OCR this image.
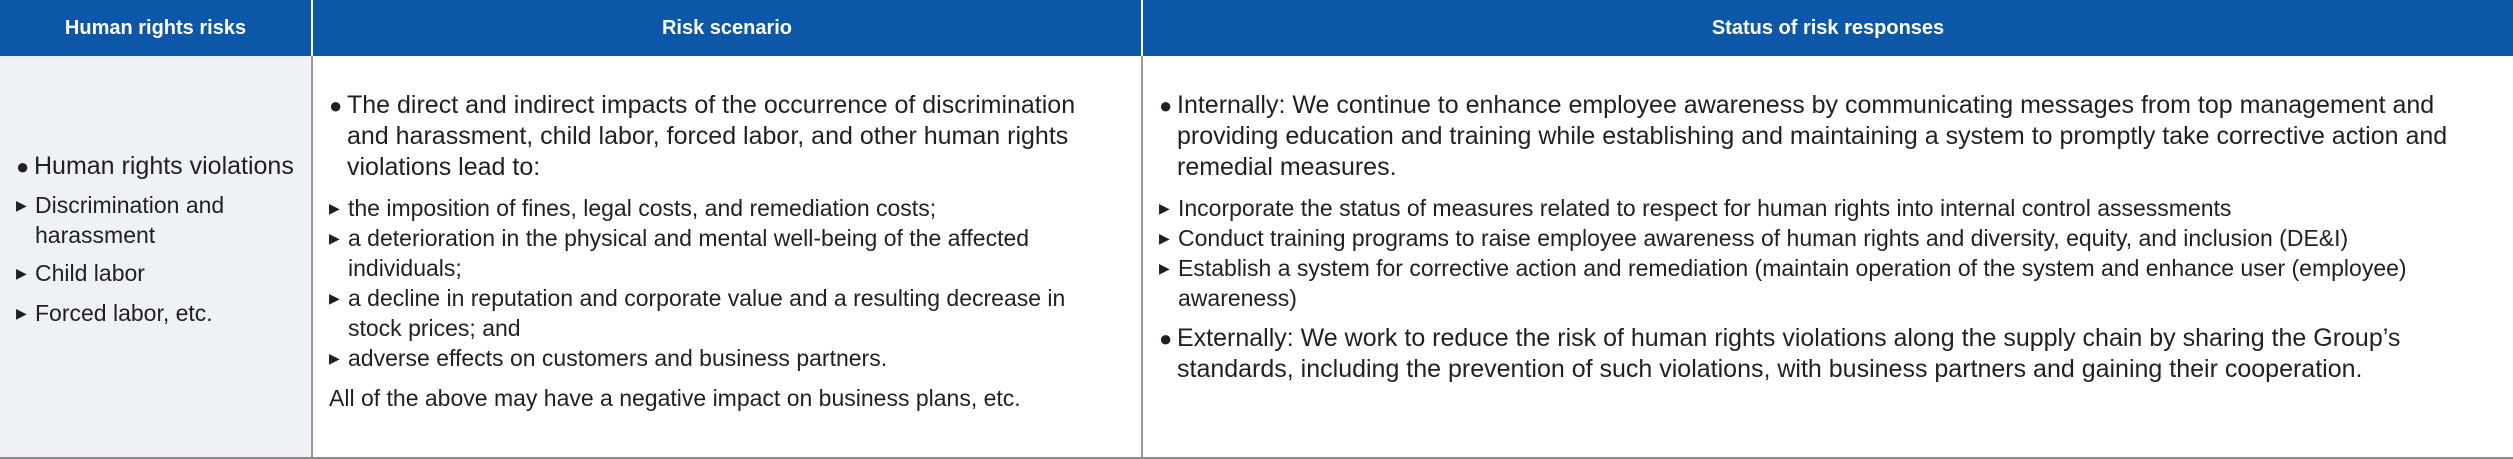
Human rights risks	Risk scenario	Status of risk responses

● Human rights violations

▶ Discrimination and harassment

▶ Child labor

▶ Forced labor, etc.

● The direct and indirect impacts of the occurrence of discrimination and harassment, child labor, forced labor, and other human rights violations lead to:

▶ the imposition of fines, legal costs, and remediation costs;

▶ a deterioration in the physical and mental well-being of the affected individuals;

▶ a decline in reputation and corporate value and a resulting decrease in stock prices; and

▶ adverse effects on customers and business partners.

All of the above may have a negative impact on business plans, etc.

● Internally: We continue to enhance employee awareness by communicating messages from top management and providing education and training while establishing and maintaining a system to promptly take corrective action and remedial measures.

▶ Incorporate the status of measures related to respect for human rights into internal control assessments

▶ Conduct training programs to raise employee awareness of human rights and diversity, equity, and inclusion (DE&I)

▶ Establish a system for corrective action and remediation (maintain operation of the system and enhance user (employee) awareness)

● Externally: We work to reduce the risk of human rights violations along the supply chain by sharing the Group’s standards, including the prevention of such violations, with business partners and gaining their cooperation.
